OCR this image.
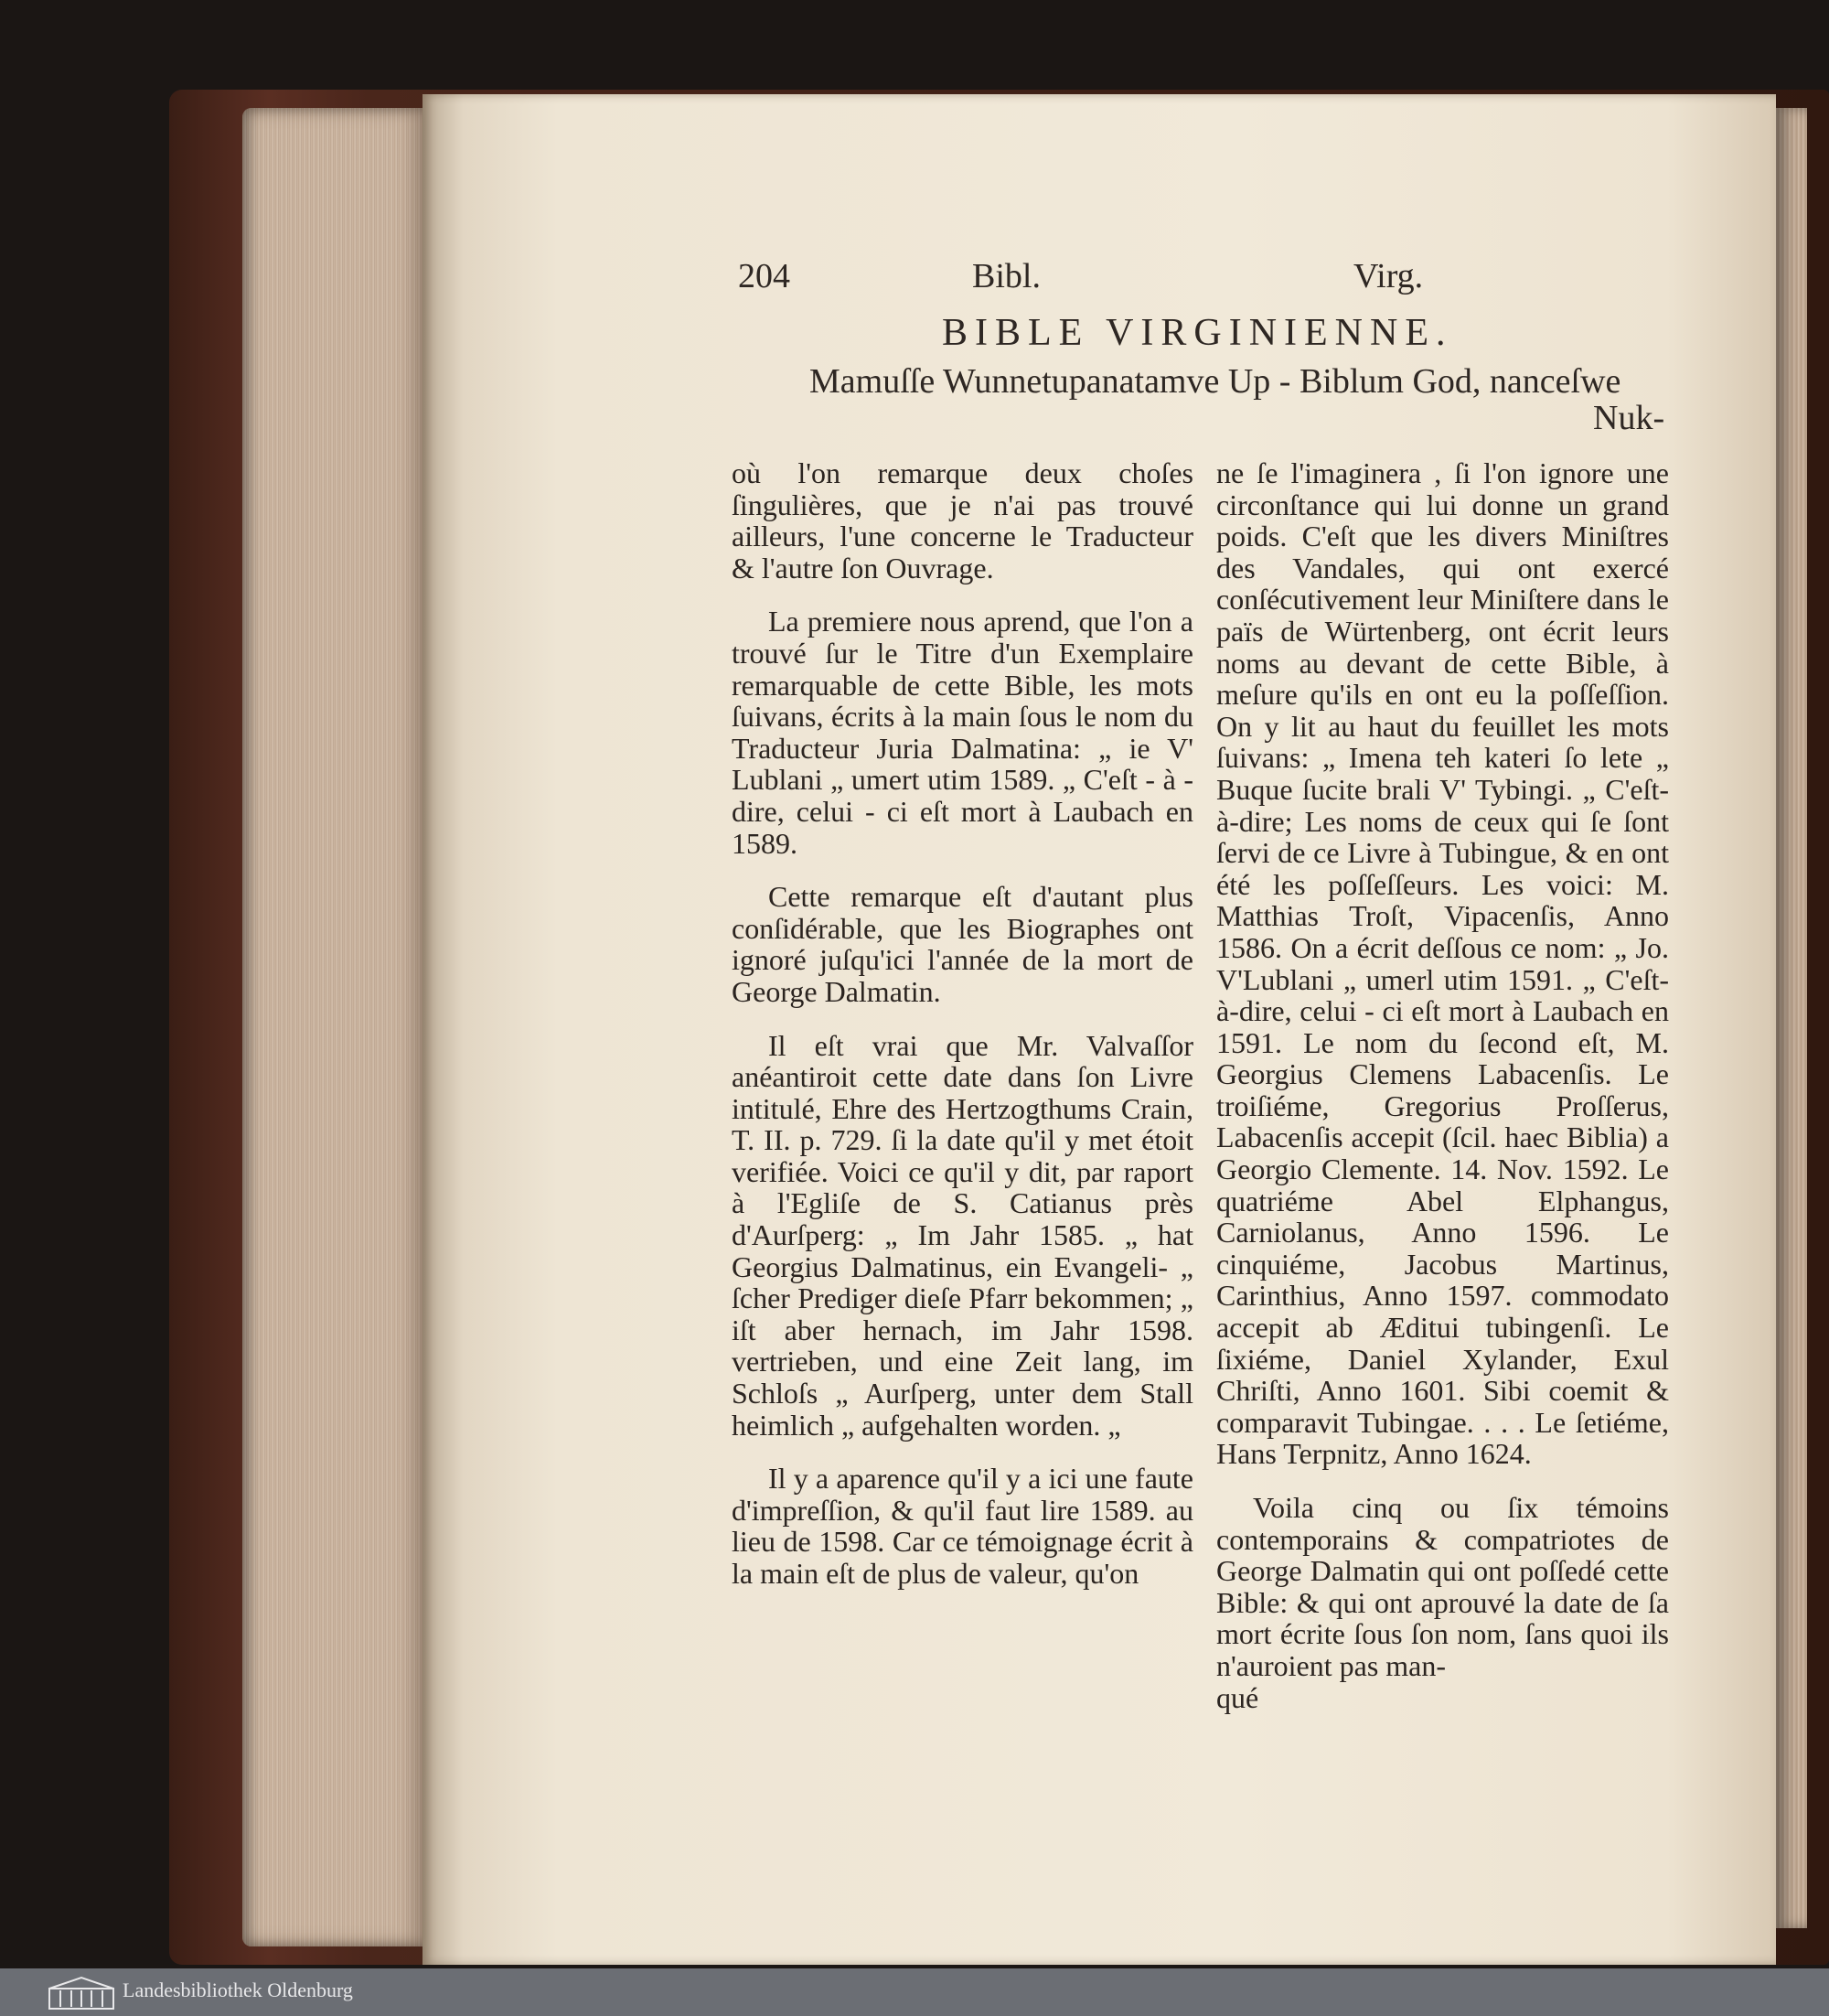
204	Bibl.	Virg.
BIBLE VIRGINIENNE.
Mamuſſe Wunnetupanatamve Up - Biblum God, nanceſwe
Nuk-

où l'on remarque deux choſes ſingulières, que je n'ai pas trouvé ailleurs, l'une concerne le Traducteur & l'autre ſon Ouvrage.

La premiere nous aprend, que l'on a trouvé ſur le Titre d'un Exemplaire remarquable de cette Bible, les mots ſuivans, écrits à la main ſous le nom du Traducteur Juria Dalmatina: „ ie V' Lublani „ umert utim 1589. „ C'eſt - à - dire, celui - ci eſt mort à Laubach en 1589.

Cette remarque eſt d'autant plus conſidérable, que les Biographes ont ignoré juſqu'ici l'année de la mort de George Dalmatin.

Il eſt vrai que Mr. Valvaſſor anéantiroit cette date dans ſon Livre intitulé, Ehre des Hertzogthums Crain, T. II. p. 729. ſi la date qu'il y met étoit verifiée. Voici ce qu'il y dit, par raport à l'Egliſe de S. Catianus près d'Aurſperg: „ Im Jahr 1585. „ hat Georgius Dalmatinus, ein Evangeli- „ ſcher Prediger dieſe Pfarr bekommen; „ iſt aber hernach, im Jahr 1598. vertrieben, und eine Zeit lang, im Schloſs „ Aurſperg, unter dem Stall heimlich „ aufgehalten worden. „

Il y a aparence qu'il y a ici une faute d'impreſſion, & qu'il faut lire 1589. au lieu de 1598. Car ce témoignage écrit à la main eſt de plus de valeur, qu'on

ne ſe l'imaginera , ſi l'on ignore une circonſtance qui lui donne un grand poids. C'eſt que les divers Miniſtres des Vandales, qui ont exercé conſécutivement leur Miniſtere dans le païs de Würtenberg, ont écrit leurs noms au devant de cette Bible, à meſure qu'ils en ont eu la poſſeſſion. On y lit au haut du feuillet les mots ſuivans: „ Imena teh kateri ſo lete „ Buque ſucite brali V' Tybingi. „ C'eſt-à-dire; Les noms de ceux qui ſe ſont ſervi de ce Livre à Tubingue, & en ont été les poſſeſſeurs. Les voici: M. Matthias Troſt, Vipacenſis, Anno 1586. On a écrit deſſous ce nom: „ Jo. V'Lublani „ umerl utim 1591. „ C'eſt-à-dire, celui - ci eſt mort à Laubach en 1591. Le nom du ſecond eſt, M. Georgius Clemens Labacenſis. Le troiſiéme, Gregorius Proſſerus, Labacenſis accepit (ſcil. haec Biblia) a Georgio Clemente. 14. Nov. 1592. Le quatriéme Abel Elphangus, Carniolanus, Anno 1596. Le cinquiéme, Jacobus Martinus, Carinthius, Anno 1597. commodato accepit ab Æditui tubingenſi. Le ſixiéme, Daniel Xylander, Exul Chriſti, Anno 1601. Sibi coemit & comparavit Tubingae. . . . Le ſetiéme, Hans Terpnitz, Anno 1624.

Voila cinq ou ſix témoins contemporains & compatriotes de George Dalmatin qui ont poſſedé cette Bible: & qui ont aprouvé la date de ſa mort écrite ſous ſon nom, ſans quoi ils n'auroient pas man-

qué

Landesbibliothek Oldenburg
